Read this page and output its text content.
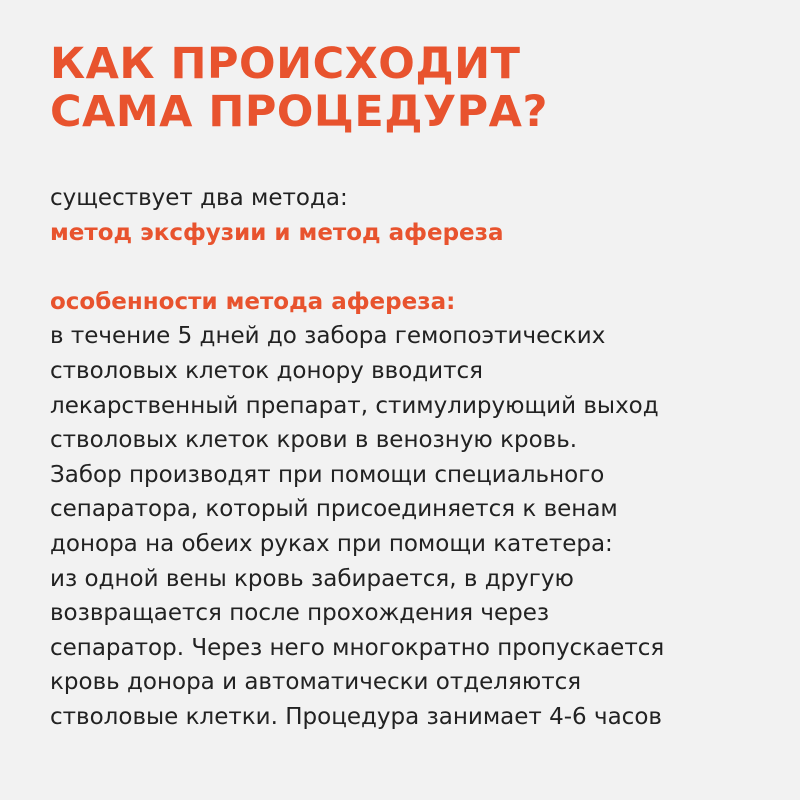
КАК ПРОИСХОДИТ
САМА ПРОЦЕДУРА?
существует два метода:
метод эксфузии и метод афереза
особенности метода афереза:
в течение 5 дней до забора гемопоэтических
стволовых клеток донору вводится
лекарственный препарат, стимулирующий выход
стволовых клеток крови в венозную кровь.
Забор производят при помощи специального
сепаратора, который присоединяется к венам
донора на обеих руках при помощи катетера:
из одной вены кровь забирается, в другую
возвращается после прохождения через
сепаратор. Через него многократно пропускается
кровь донора и автоматически отделяются
стволовые клетки. Процедура занимает 4-6 часов
